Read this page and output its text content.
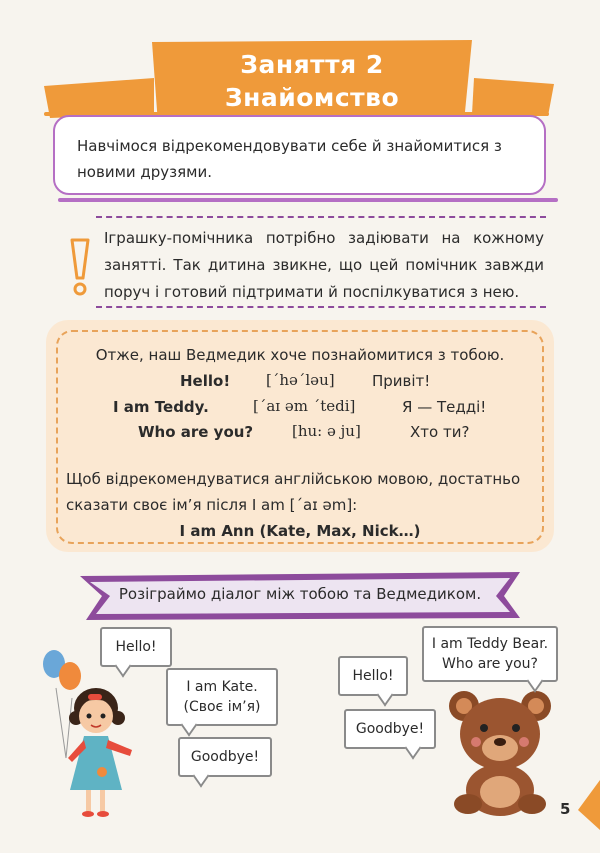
Заняття 2
Знайомство
Навчімося відрекомендовувати себе й знайомитися з новими друзями.
Іграшку-помічника потрібно задіювати на кожному занятті. Так дитина звикне, що цей помічник завжди поруч і готовий підтримати й поспілкуватися з нею.
Отже, наш Ведмедик хоче познайомитися з тобою.
Hello! [ˊhəˊləu] Привіт!
I am Teddy.	[ˊaɪ əm ˊtedi]	Я — Тедді!
Who are you?	[hu: ə ju]	Хто ти?
Щоб відрекомендуватися англійською мовою, достатньо
сказати своє ім’я після I am [ˊaɪ əm]:
I am Ann (Kate, Max, Nick…)
Розіграймо діалог між тобою та Ведмедиком.
Hello!
I am Kate.
(Своє ім’я)
Goodbye!
I am Teddy Bear.
Who are you?
Hello!
Goodbye!
5
